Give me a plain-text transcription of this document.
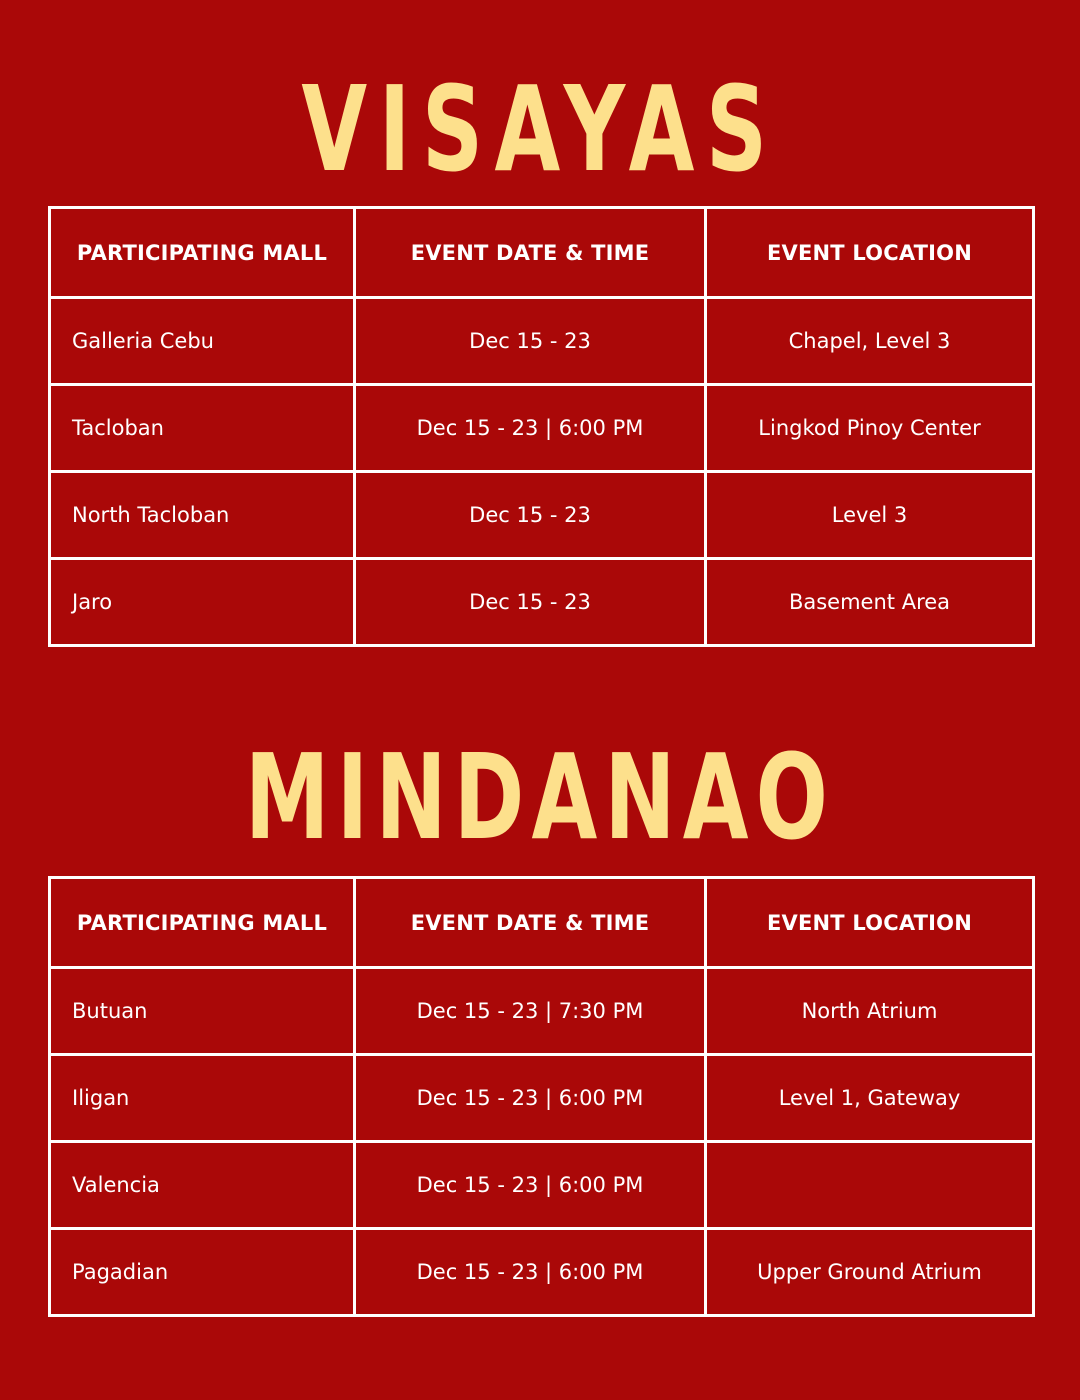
VISAYAS
PARTICIPATING MALL	EVENT DATE & TIME	EVENT LOCATION
Galleria Cebu	Dec 15 - 23	Chapel, Level 3
Tacloban	Dec 15 - 23 | 6:00 PM	Lingkod Pinoy Center
North Tacloban	Dec 15 - 23	Level 3
Jaro	Dec 15 - 23	Basement Area
MINDANAO
PARTICIPATING MALL	EVENT DATE & TIME	EVENT LOCATION
Butuan	Dec 15 - 23 | 7:30 PM	North Atrium
Iligan	Dec 15 - 23 | 6:00 PM	Level 1, Gateway
Valencia	Dec 15 - 23 | 6:00 PM	
Pagadian	Dec 15 - 23 | 6:00 PM	Upper Ground Atrium
